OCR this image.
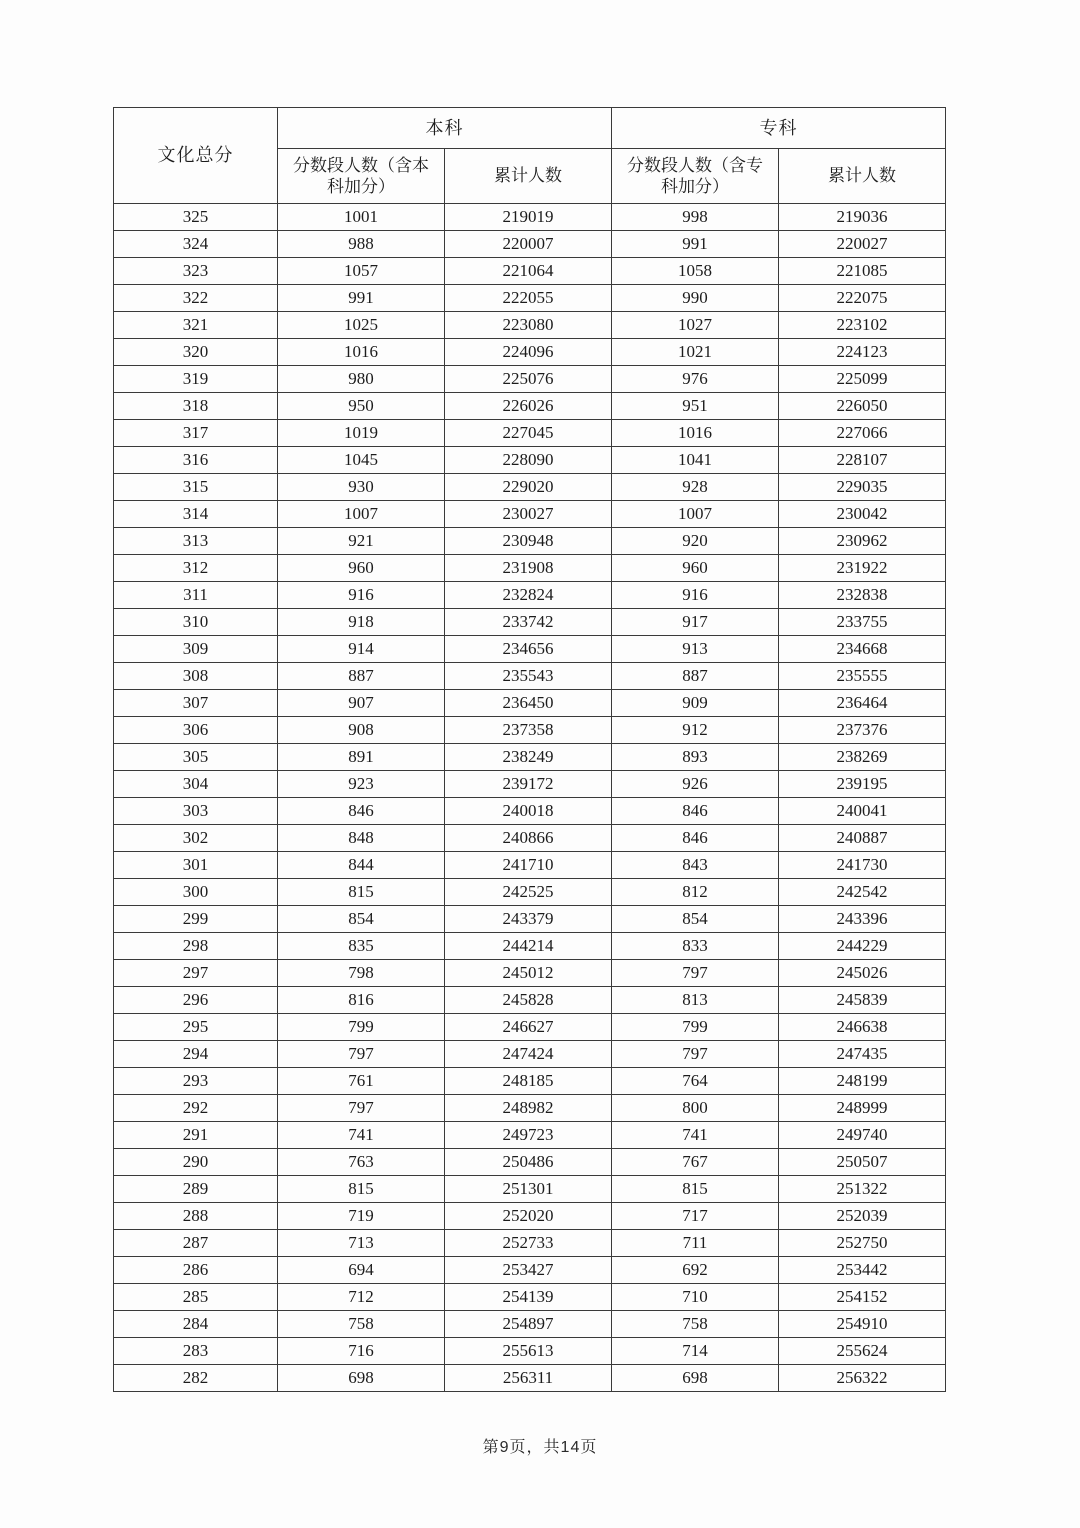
文化总分	本科		专科	
	分数段人数（含本科加分）	累计人数	分数段人数（含专科加分）	累计人数
325	1001	219019	998	219036
324	988	220007	991	220027
323	1057	221064	1058	221085
322	991	222055	990	222075
321	1025	223080	1027	223102
320	1016	224096	1021	224123
319	980	225076	976	225099
318	950	226026	951	226050
317	1019	227045	1016	227066
316	1045	228090	1041	228107
315	930	229020	928	229035
314	1007	230027	1007	230042
313	921	230948	920	230962
312	960	231908	960	231922
311	916	232824	916	232838
310	918	233742	917	233755
309	914	234656	913	234668
308	887	235543	887	235555
307	907	236450	909	236464
306	908	237358	912	237376
305	891	238249	893	238269
304	923	239172	926	239195
303	846	240018	846	240041
302	848	240866	846	240887
301	844	241710	843	241730
300	815	242525	812	242542
299	854	243379	854	243396
298	835	244214	833	244229
297	798	245012	797	245026
296	816	245828	813	245839
295	799	246627	799	246638
294	797	247424	797	247435
293	761	248185	764	248199
292	797	248982	800	248999
291	741	249723	741	249740
290	763	250486	767	250507
289	815	251301	815	251322
288	719	252020	717	252039
287	713	252733	711	252750
286	694	253427	692	253442
285	712	254139	710	254152
284	758	254897	758	254910
283	716	255613	714	255624
282	698	256311	698	256322
第9页，共14页
